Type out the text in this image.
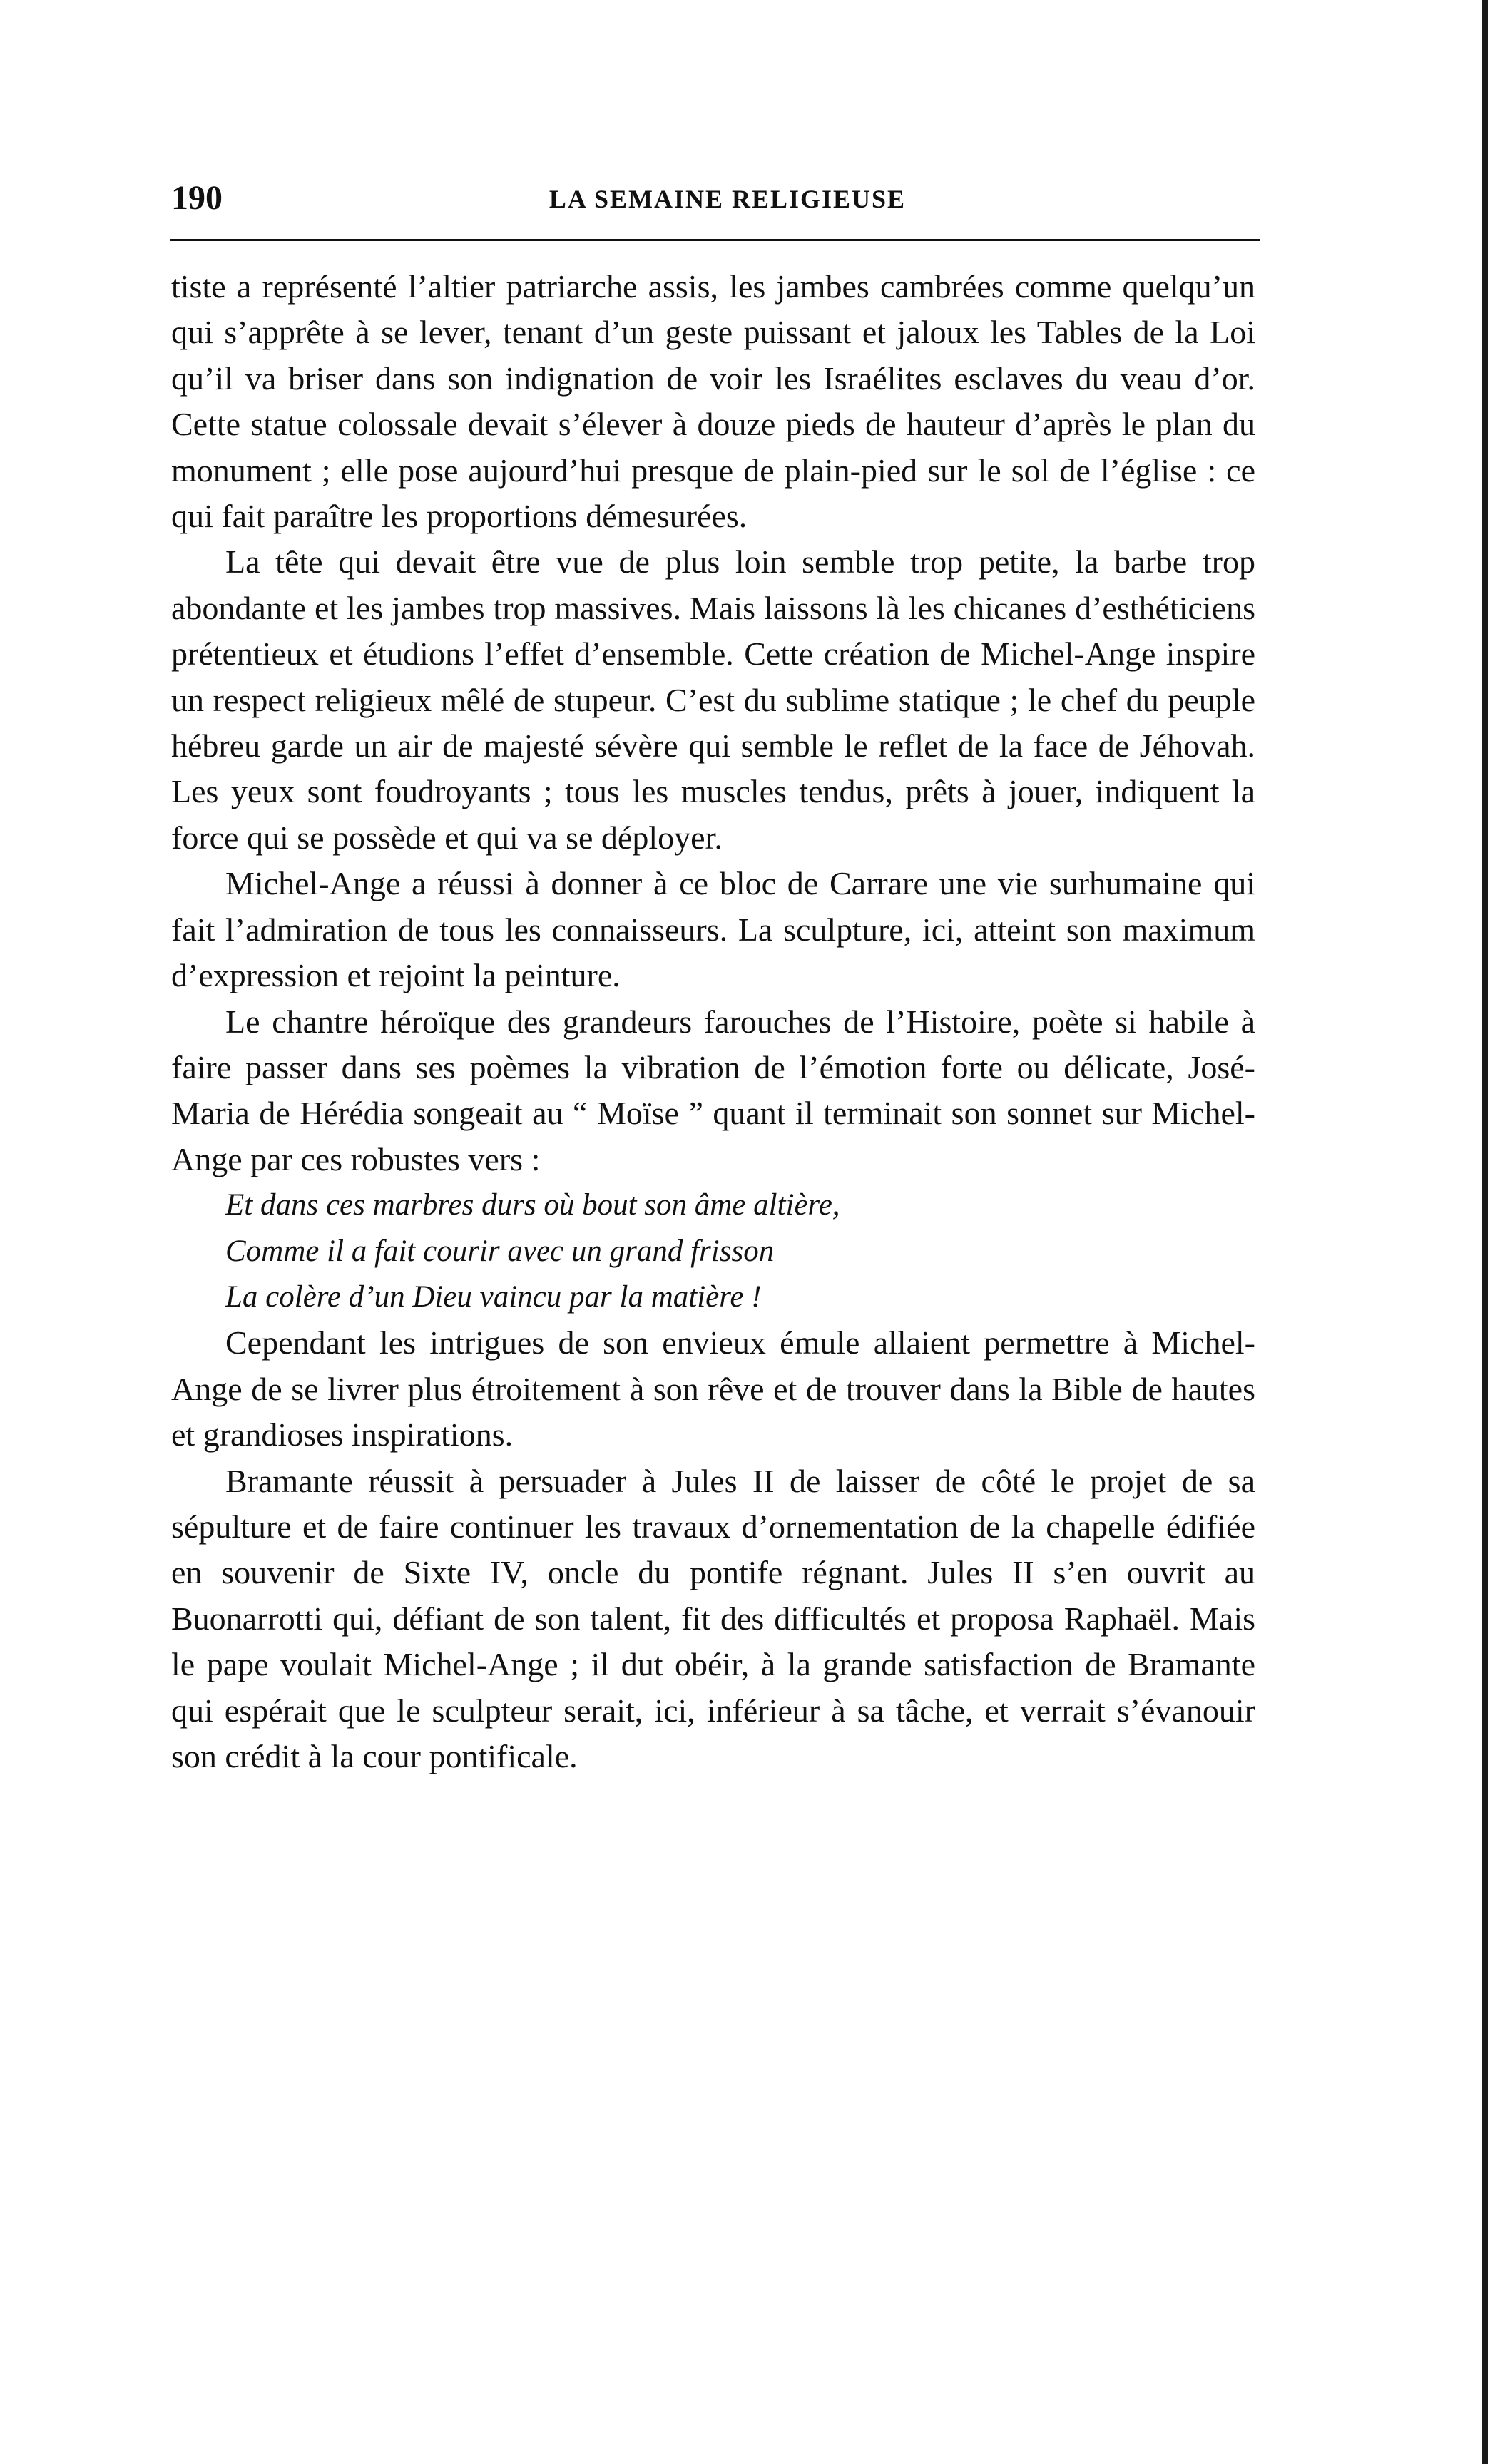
190	LA SEMAINE RELIGIEUSE

tiste a représenté l’altier patriarche assis, les jambes cambrées comme quelqu’un qui s’apprête à se lever, tenant d’un geste puissant et jaloux les Tables de la Loi qu’il va briser dans son indignation de voir les Israélites esclaves du veau d’or. Cette statue colossale devait s’élever à douze pieds de hauteur d’après le plan du monument ; elle pose aujourd’hui presque de plain-pied sur le sol de l’église : ce qui fait paraître les proportions démesurées.

La tête qui devait être vue de plus loin semble trop petite, la barbe trop abondante et les jambes trop massives. Mais laissons là les chicanes d’esthéticiens prétentieux et étudions l’effet d’ensemble. Cette création de Michel-Ange inspire un respect religieux mêlé de stupeur. C’est du sublime statique ; le chef du peuple hébreu garde un air de majesté sévère qui semble le reflet de la face de Jéhovah. Les yeux sont foudroyants ; tous les muscles tendus, prêts à jouer, indiquent la force qui se possède et qui va se déployer.

Michel-Ange a réussi à donner à ce bloc de Carrare une vie surhumaine qui fait l’admiration de tous les connaisseurs. La sculpture, ici, atteint son maximum d’expression et rejoint la peinture.

Le chantre héroïque des grandeurs farouches de l’Histoire, poète si habile à faire passer dans ses poèmes la vibration de l’émotion forte ou délicate, José-Maria de Hérédia songeait au “ Moïse ” quant il terminait son sonnet sur Michel-Ange par ces robustes vers :

Et dans ces marbres durs où bout son âme altière,
Comme il a fait courir avec un grand frisson
La colère d’un Dieu vaincu par la matière !

Cependant les intrigues de son envieux émule allaient permettre à Michel-Ange de se livrer plus étroitement à son rêve et de trouver dans la Bible de hautes et grandioses inspirations.

Bramante réussit à persuader à Jules II de laisser de côté le projet de sa sépulture et de faire continuer les travaux d’ornementation de la chapelle édifiée en souvenir de Sixte IV, oncle du pontife régnant. Jules II s’en ouvrit au Buonarrotti qui, défiant de son talent, fit des difficultés et proposa Raphaël. Mais le pape voulait Michel-Ange ; il dut obéir, à la grande satisfaction de Bramante qui espérait que le sculpteur serait, ici, inférieur à sa tâche, et verrait s’évanouir son crédit à la cour pontificale.
